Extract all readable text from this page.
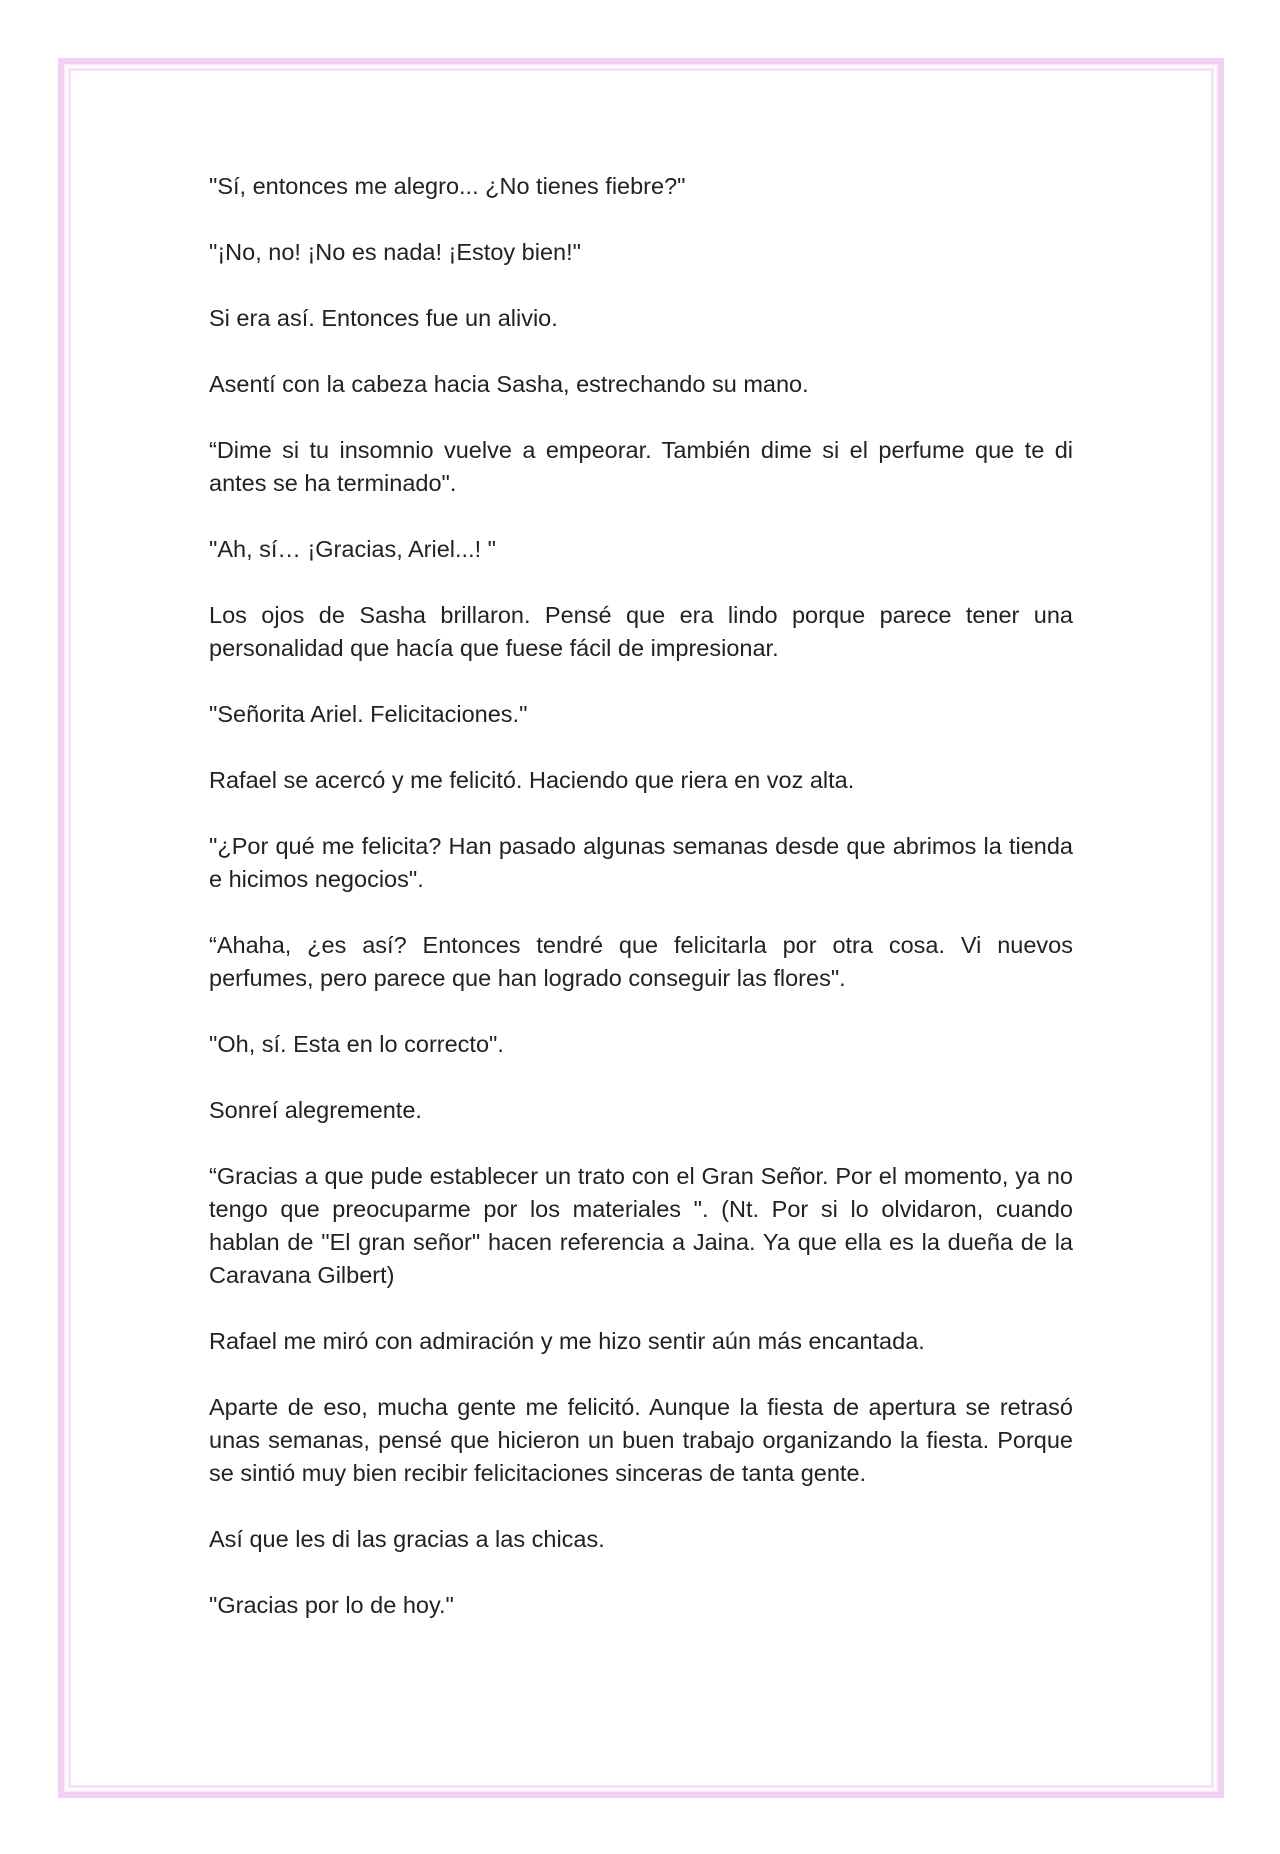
"Sí, entonces me alegro... ¿No tienes fiebre?"

"¡No, no! ¡No es nada! ¡Estoy bien!"

Si era así. Entonces fue un alivio.

Asentí con la cabeza hacia Sasha, estrechando su mano.

“Dime si tu insomnio vuelve a empeorar. También dime si el perfume que te di antes se ha terminado".

"Ah, sí… ¡Gracias, Ariel...! "

Los ojos de Sasha brillaron. Pensé que era lindo porque parece tener una personalidad que hacía que fuese fácil de impresionar.

"Señorita Ariel. Felicitaciones."

Rafael se acercó y me felicitó. Haciendo que riera en voz alta.

"¿Por qué me felicita? Han pasado algunas semanas desde que abrimos la tienda e hicimos negocios".

“Ahaha, ¿es así? Entonces tendré que felicitarla por otra cosa. Vi nuevos perfumes, pero parece que han logrado conseguir las flores".

"Oh, sí. Esta en lo correcto".

Sonreí alegremente.

“Gracias a que pude establecer un trato con el Gran Señor. Por el momento, ya no tengo que preocuparme por los materiales ". (Nt. Por si lo olvidaron, cuando hablan de "El gran señor" hacen referencia a Jaina. Ya que ella es la dueña de la Caravana Gilbert)

Rafael me miró con admiración y me hizo sentir aún más encantada.

Aparte de eso, mucha gente me felicitó. Aunque la fiesta de apertura se retrasó unas semanas, pensé que hicieron un buen trabajo organizando la fiesta. Porque se sintió muy bien recibir felicitaciones sinceras de tanta gente.

Así que les di las gracias a las chicas.

"Gracias por lo de hoy."
